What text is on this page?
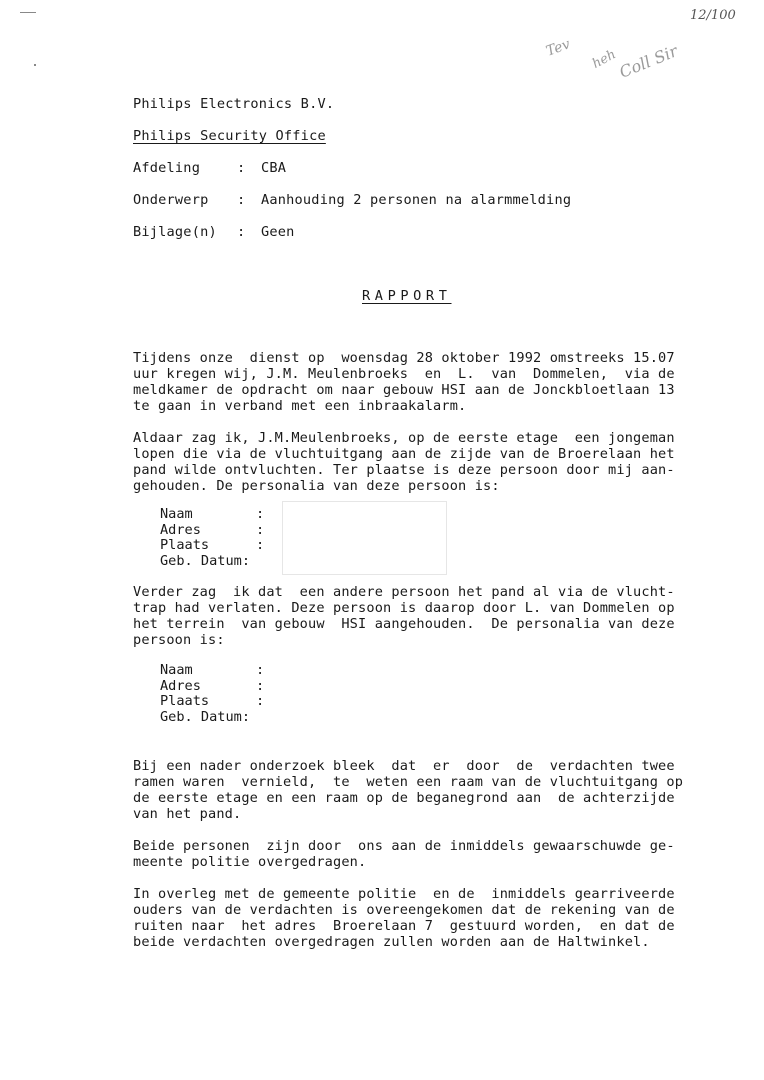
12/100
Tev heh
Coll Sir
Philips Electronics B.V.
Philips Security Office
Afdeling	: CBA
Onderwerp : Aanhouding 2 personen na alarmmelding
Bijlage(n) : Geen
RAPPORT
Tijdens onze  dienst op  woensdag 28 oktober 1992 omstreeks 15.07
uur kregen wij, J.M. Meulenbroeks  en  L.  van  Dommelen,  via de
meldkamer de opdracht om naar gebouw HSI aan de Jonckbloetlaan 13
te gaan in verband met een inbraakalarm.
Aldaar zag ik, J.M.Meulenbroeks, op de eerste etage  een jongeman
lopen die via de vluchtuitgang aan de zijde van de Broerelaan het
pand wilde ontvluchten. Ter plaatse is deze persoon door mij aan-
gehouden. De personalia van deze persoon is:
Naam	:
Adres	:
Plaats	:
Geb. Datum:
Verder zag  ik dat  een andere persoon het pand al via de vlucht-
trap had verlaten. Deze persoon is daarop door L. van Dommelen op
het terrein  van gebouw  HSI aangehouden.  De personalia van deze
persoon is:
Naam	:
Adres	:
Plaats	:
Geb. Datum:
Bij een nader onderzoek bleek  dat  er  door  de  verdachten twee
ramen waren  vernield,  te  weten een raam van de vluchtuitgang op
de eerste etage en een raam op de beganegrond aan  de achterzijde
van het pand.
Beide personen  zijn door  ons aan de inmiddels gewaarschuwde ge-
meente politie overgedragen.
In overleg met de gemeente politie  en de  inmiddels gearriveerde
ouders van de verdachten is overeengekomen dat de rekening van de
ruiten naar  het adres  Broerelaan 7  gestuurd worden,  en dat de
beide verdachten overgedragen zullen worden aan de Haltwinkel.
